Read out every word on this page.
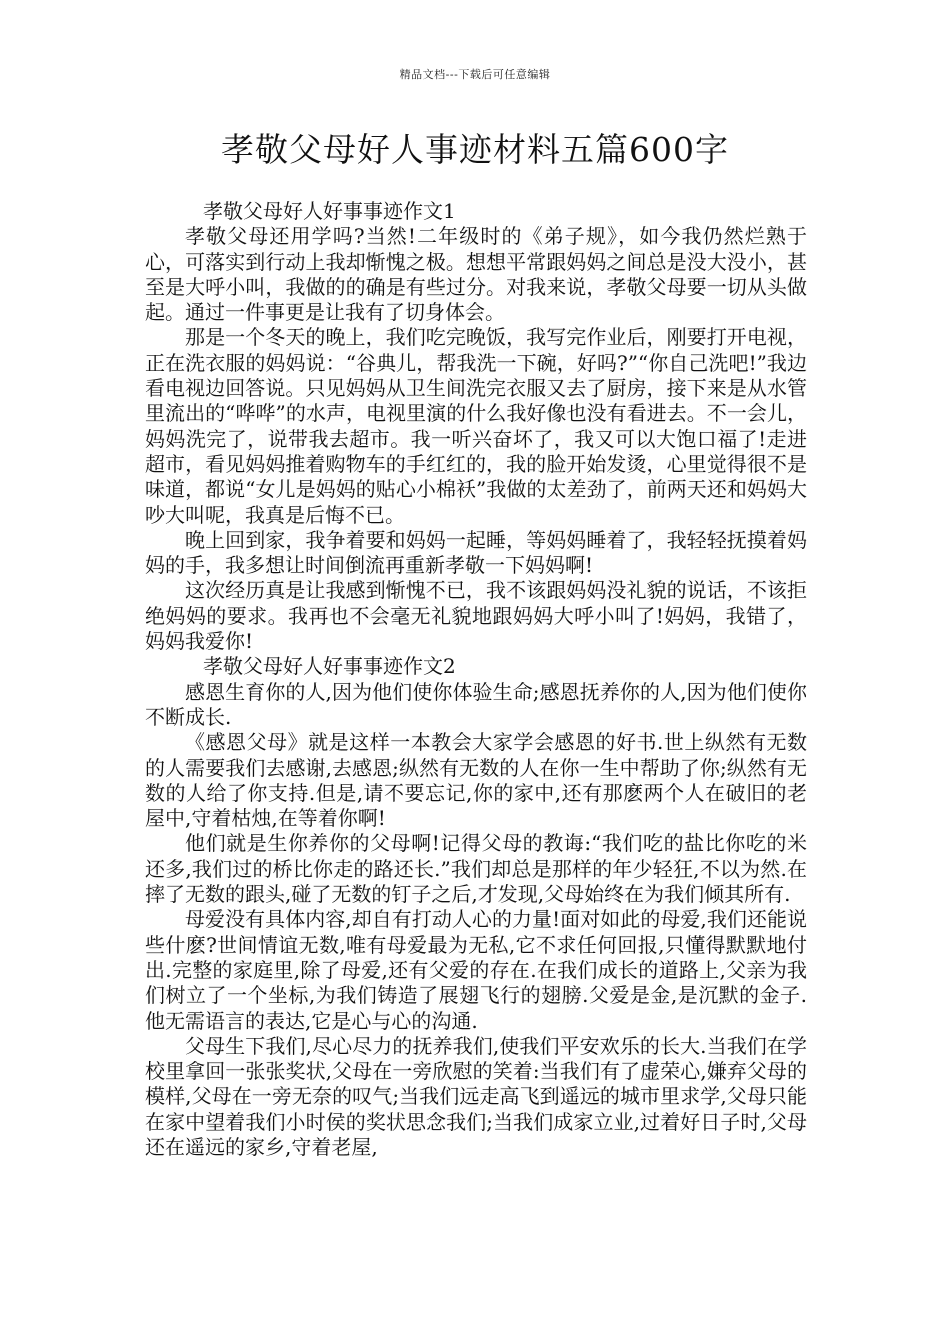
精品文档---下载后可任意编辑
孝敬父母好人事迹材料五篇600字

孝敬父母好人好事事迹作文1

孝敬父母还用学吗?当然!二年级时的《弟子规》，如今我仍然烂熟于心，可落实到行动上我却惭愧之极。想想平常跟妈妈之间总是没大没小，甚至是大呼小叫，我做的的确是有些过分。对我来说，孝敬父母要一切从头做起。通过一件事更是让我有了切身体会。

那是一个冬天的晚上，我们吃完晚饭，我写完作业后，刚要打开电视，正在洗衣服的妈妈说：“谷典儿，帮我洗一下碗，好吗?”“你自己洗吧!”我边看电视边回答说。只见妈妈从卫生间洗完衣服又去了厨房，接下来是从水管里流出的“哗哗”的水声，电视里演的什么我好像也没有看进去。不一会儿，妈妈洗完了，说带我去超市。我一听兴奋坏了，我又可以大饱口福了!走进超市，看见妈妈推着购物车的手红红的，我的脸开始发烫，心里觉得很不是味道，都说“女儿是妈妈的贴心小棉袄”我做的太差劲了，前两天还和妈妈大吵大叫呢，我真是后悔不已。

晚上回到家，我争着要和妈妈一起睡，等妈妈睡着了，我轻轻抚摸着妈妈的手，我多想让时间倒流再重新孝敬一下妈妈啊!

这次经历真是让我感到惭愧不已，我不该跟妈妈没礼貌的说话，不该拒绝妈妈的要求。我再也不会毫无礼貌地跟妈妈大呼小叫了!妈妈，我错了，妈妈我爱你!

孝敬父母好人好事事迹作文2

感恩生育你的人,因为他们使你体验生命;感恩抚养你的人,因为他们使你不断成长.

《感恩父母》就是这样一本教会大家学会感恩的好书.世上纵然有无数的人需要我们去感谢,去感恩;纵然有无数的人在你一生中帮助了你;纵然有无数的人给了你支持.但是,请不要忘记,你的家中,还有那麽两个人在破旧的老屋中,守着枯烛,在等着你啊!

他们就是生你养你的父母啊!记得父母的教诲:“我们吃的盐比你吃的米还多,我们过的桥比你走的路还长.”我们却总是那样的年少轻狂,不以为然.在摔了无数的跟头,碰了无数的钉子之后,才发现,父母始终在为我们倾其所有.

母爱没有具体内容,却自有打动人心的力量!面对如此的母爱,我们还能说些什麽?世间情谊无数,唯有母爱最为无私,它不求任何回报,只懂得默默地付出.完整的家庭里,除了母爱,还有父爱的存在.在我们成长的道路上,父亲为我们树立了一个坐标,为我们铸造了展翅飞行的翅膀.父爱是金,是沉默的金子.他无需语言的表达,它是心与心的沟通.

父母生下我们,尽心尽力的抚养我们,使我们平安欢乐的长大.当我们在学校里拿回一张张奖状,父母在一旁欣慰的笑着:当我们有了虚荣心,嫌弃父母的模样,父母在一旁无奈的叹气;当我们远走高飞到遥远的城市里求学,父母只能在家中望着我们小时侯的奖状思念我们;当我们成家立业,过着好日子时,父母还在遥远的家乡,守着老屋,
